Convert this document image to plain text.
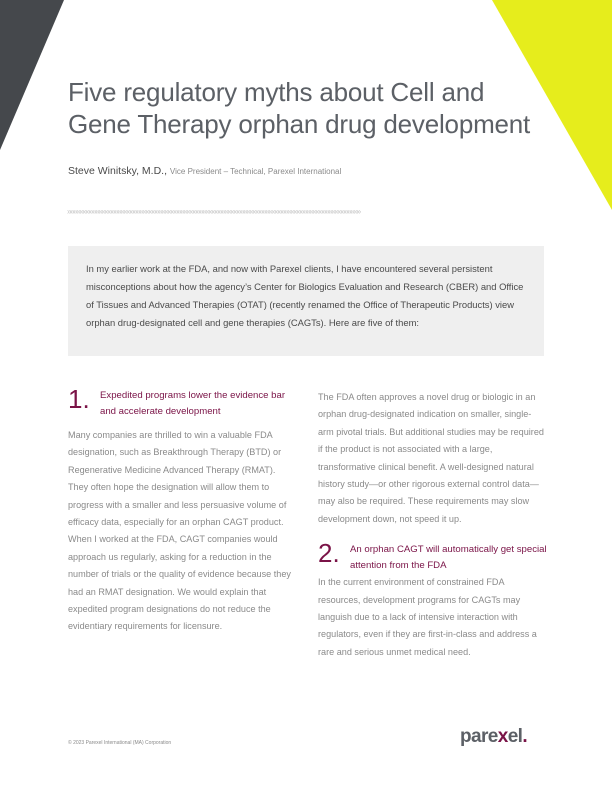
Five regulatory myths about Cell and
Gene Therapy orphan drug development
Steve Winitsky, M.D., Vice President – Technical, Parexel International
»»»»»»»»»»»»»»»»»»»»»»»»»»»»»»»»»»»»»»»»»»»»»»»»»»»»»»»»»»»»»»»»»»»»»»»»»»»»»»»»»»»»»»»»»»»»»
In my earlier work at the FDA, and now with Parexel clients, I have encountered several persistent misconceptions about how the agency’s Center for Biologics Evaluation and Research (CBER) and Office of Tissues and Advanced Therapies (OTAT) (recently renamed the Office of Therapeutic Products) view orphan drug-designated cell and gene therapies (CAGTs). Here are five of them:
1. Expedited programs lower the evidence bar and accelerate development

Many companies are thrilled to win a valuable FDA designation, such as Breakthrough Therapy (BTD) or Regenerative Medicine Advanced Therapy (RMAT). They often hope the designation will allow them to progress with a smaller and less persuasive volume of efficacy data, especially for an orphan CAGT product. When I worked at the FDA, CAGT companies would approach us regularly, asking for a reduction in the number of trials or the quality of evidence because they had an RMAT designation. We would explain that expedited program designations do not reduce the evidentiary requirements for licensure.

The FDA often approves a novel drug or biologic in an orphan drug-designated indication on smaller, single-arm pivotal trials. But additional studies may be required if the product is not associated with a large, transformative clinical benefit. A well-designed natural history study—or other rigorous external control data—may also be required. These requirements may slow development down, not speed it up.

2. An orphan CAGT will automatically get special attention from the FDA

In the current environment of constrained FDA resources, development programs for CAGTs may languish due to a lack of intensive interaction with regulators, even if they are first-in-class and address a rare and serious unmet medical need.

© 2023 Parexel International (MA) Corporation	parexel.
